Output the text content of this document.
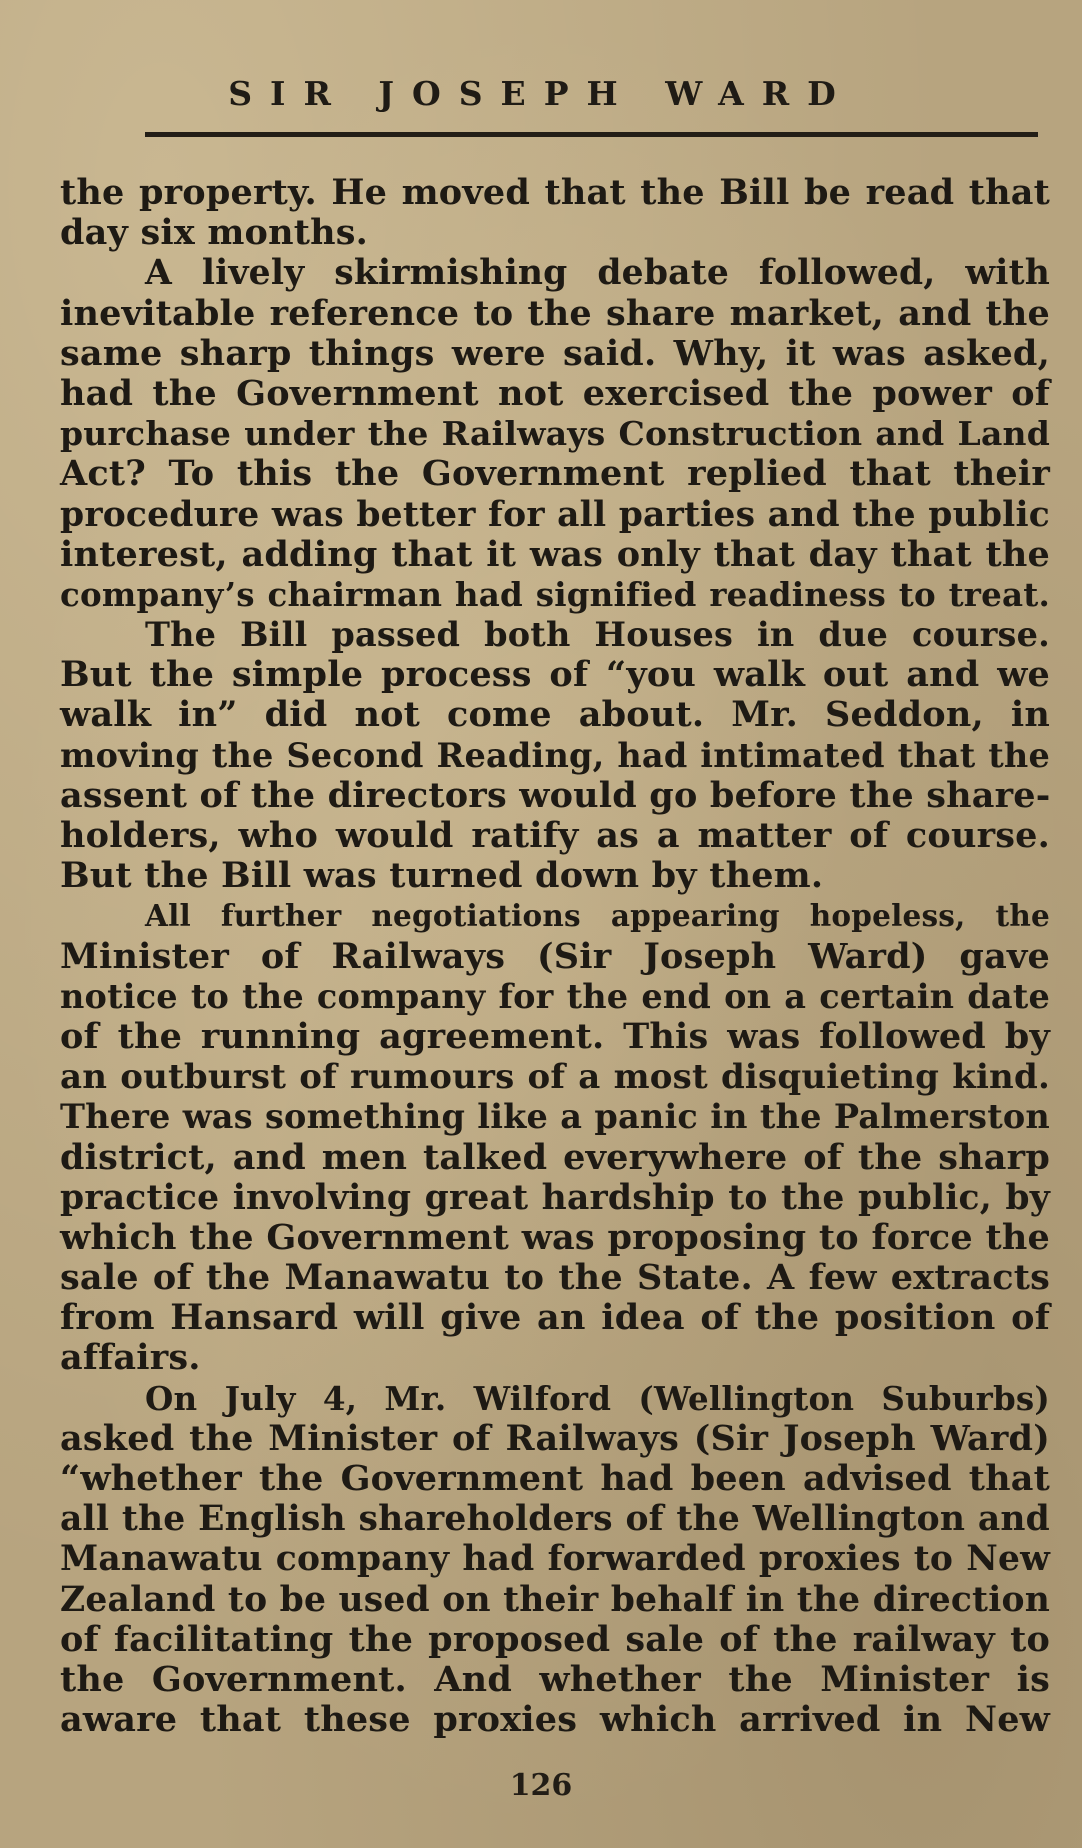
SIR JOSEPH WARD
the property. He moved that the Bill be read that
day six months.
A lively skirmishing debate followed, with
inevitable reference to the share market, and the
same sharp things were said. Why, it was asked,
had the Government not exercised the power of
purchase under the Railways Construction and Land
Act? To this the Government replied that their
procedure was better for all parties and the public
interest, adding that it was only that day that the
company’s chairman had signified readiness to treat.
The Bill passed both Houses in due course.
But the simple process of “you walk out and we
walk in” did not come about. Mr. Seddon, in
moving the Second Reading, had intimated that the
assent of the directors would go before the share-
holders, who would ratify as a matter of course.
But the Bill was turned down by them.
All further negotiations appearing hopeless, the
Minister of Railways (Sir Joseph Ward) gave
notice to the company for the end on a certain date
of the running agreement. This was followed by
an outburst of rumours of a most disquieting kind.
There was something like a panic in the Palmerston
district, and men talked everywhere of the sharp
practice involving great hardship to the public, by
which the Government was proposing to force the
sale of the Manawatu to the State. A few extracts
from Hansard will give an idea of the position of
affairs.
On July 4, Mr. Wilford (Wellington Suburbs)
asked the Minister of Railways (Sir Joseph Ward)
“whether the Government had been advised that
all the English shareholders of the Wellington and
Manawatu company had forwarded proxies to New
Zealand to be used on their behalf in the direction
of facilitating the proposed sale of the railway to
the Government. And whether the Minister is
aware that these proxies which arrived in New
126
